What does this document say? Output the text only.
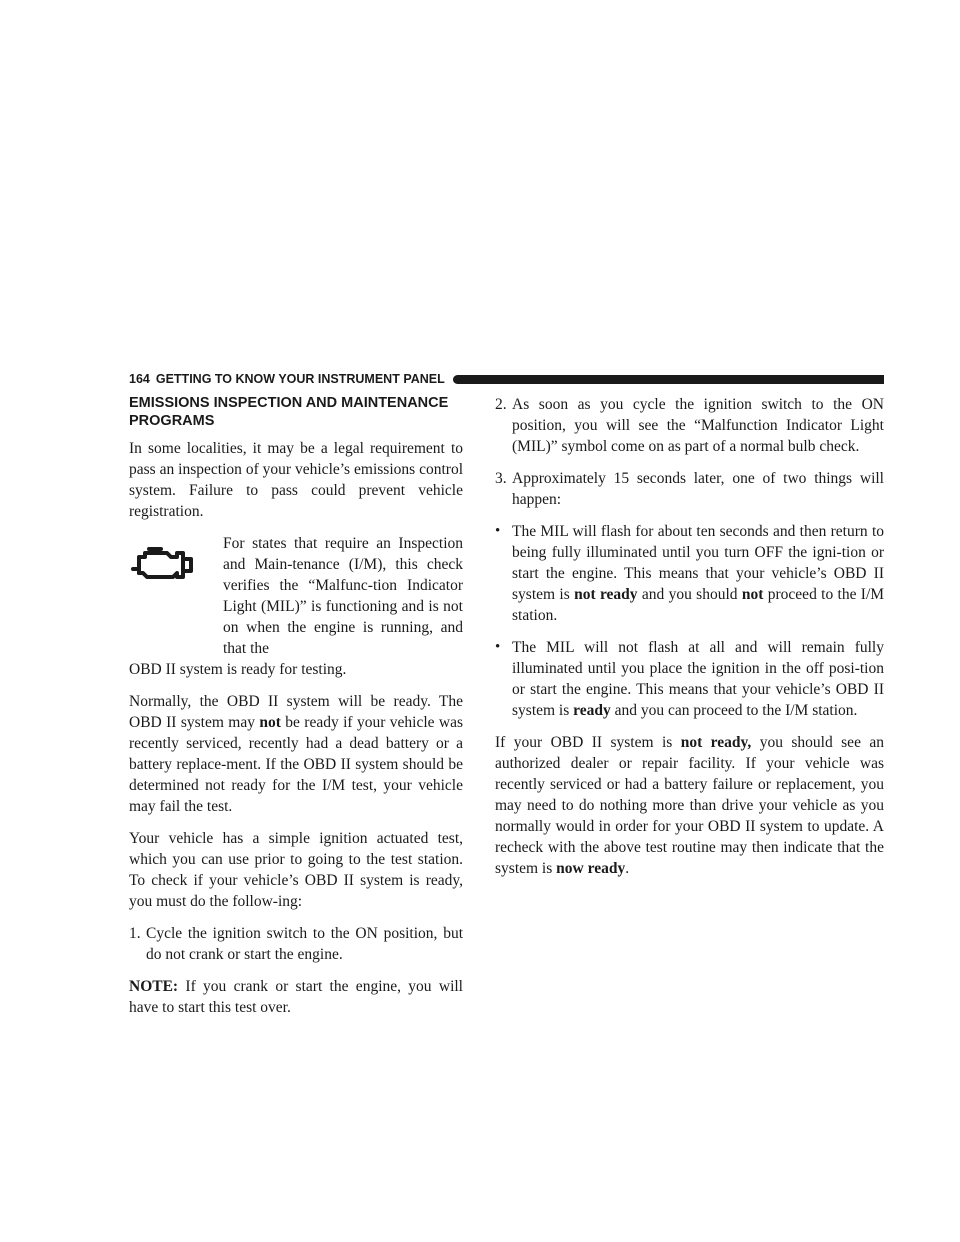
164 GETTING TO KNOW YOUR INSTRUMENT PANEL
EMISSIONS INSPECTION AND MAINTENANCE PROGRAMS

In some localities, it may be a legal requirement to pass an inspection of your vehicle’s emissions control system. Failure to pass could prevent vehicle registration.

For states that require an Inspection and Main-tenance (I/M), this check verifies the “Malfunc-tion Indicator Light (MIL)” is functioning and is not on when the engine is running, and that the

OBD II system is ready for testing.

Normally, the OBD II system will be ready. The OBD II system may not be ready if your vehicle was recently serviced, recently had a dead battery or a battery replace-ment. If the OBD II system should be determined not ready for the I/M test, your vehicle may fail the test.

Your vehicle has a simple ignition actuated test, which you can use prior to going to the test station. To check if your vehicle’s OBD II system is ready, you must do the follow-ing:

1. Cycle the ignition switch to the ON position, but do not crank or start the engine.

NOTE: If you crank or start the engine, you will have to start this test over.

2. As soon as you cycle the ignition switch to the ON position, you will see the “Malfunction Indicator Light (MIL)” symbol come on as part of a normal bulb check.
3. Approximately 15 seconds later, one of two things will happen:
• The MIL will flash for about ten seconds and then return to being fully illuminated until you turn OFF the igni-tion or start the engine. This means that your vehicle’s OBD II system is not ready and you should not proceed to the I/M station.
• The MIL will not flash at all and will remain fully illuminated until you place the ignition in the off posi-tion or start the engine. This means that your vehicle’s OBD II system is ready and you can proceed to the I/M station.

If your OBD II system is not ready, you should see an authorized dealer or repair facility. If your vehicle was recently serviced or had a battery failure or replacement, you may need to do nothing more than drive your vehicle as you normally would in order for your OBD II system to update. A recheck with the above test routine may then indicate that the system is now ready.
